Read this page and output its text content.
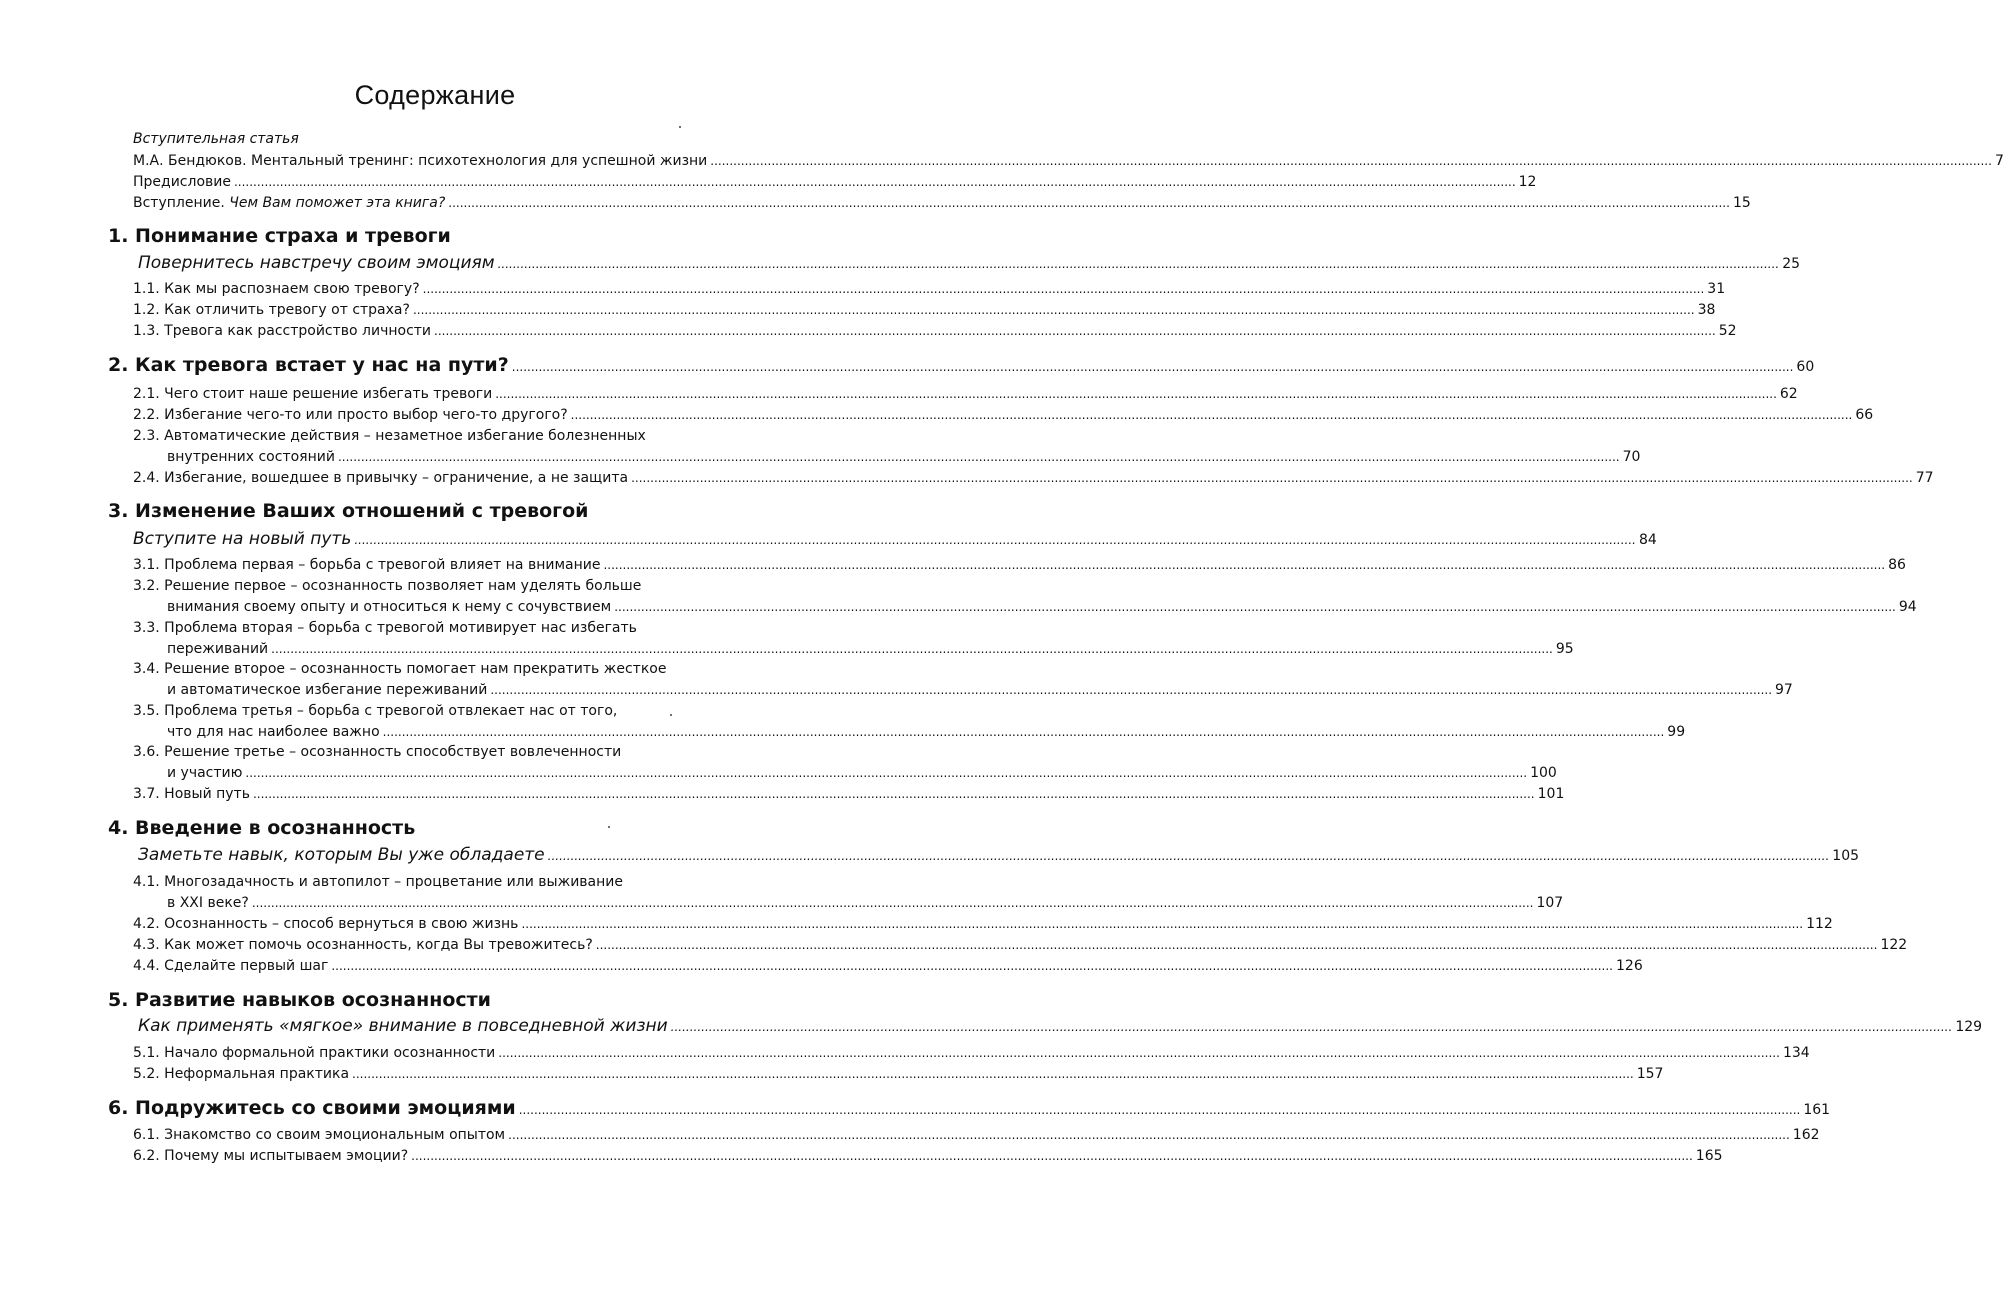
Содержание
Вступительная статья
М.А. Бендюков. Ментальный тренинг: психотехнология для успешной жизни .....	7
Предисловие .....	12
Вступление. Чем Вам поможет эта книга? .....	15
1. Понимание страха и тревоги
Повернитесь навстречу своим эмоциям .....	25
1.1. Как мы распознаем свою тревогу? .....	31
1.2. Как отличить тревогу от страха? .....	38
1.3. Тревога как расстройство личности .....	52
2. Как тревога встает у нас на пути? .....	60
2.1. Чего стоит наше решение избегать тревоги .....	62
2.2. Избегание чего-то или просто выбор чего-то другого? .....	66
2.3. Автоматические действия – незаметное избегание болезненных
внутренних состояний .....	70
2.4. Избегание, вошедшее в привычку – ограничение, а не защита .....	77
3. Изменение Ваших отношений с тревогой
Вступите на новый путь .....	84
3.1. Проблема первая – борьба с тревогой влияет на внимание .....	86
3.2. Решение первое – осознанность позволяет нам уделять больше
внимания своему опыту и относиться к нему с сочувствием .....	94
3.3. Проблема вторая – борьба с тревогой мотивирует нас избегать
переживаний .....	95
3.4. Решение второе – осознанность помогает нам прекратить жесткое
и автоматическое избегание переживаний .....	97
3.5. Проблема третья – борьба с тревогой отвлекает нас от того,
что для нас наиболее важно .....	99
3.6. Решение третье – осознанность способствует вовлеченности
и участию .....	100
3.7. Новый путь .....	101
4. Введение в осознанность
Заметьте навык, которым Вы уже обладаете .....	105
4.1. Многозадачность и автопилот – процветание или выживание
в XXI веке? .....	107
4.2. Осознанность – способ вернуться в свою жизнь .....	112
4.3. Как может помочь осознанность, когда Вы тревожитесь? .....	122
4.4. Сделайте первый шаг .....	126
5. Развитие навыков осознанности
Как применять «мягкое» внимание в повседневной жизни .....	129
5.1. Начало формальной практики осознанности .....	134
5.2. Неформальная практика .....	157
6. Подружитесь со своими эмоциями .....	161
6.1. Знакомство со своим эмоциональным опытом .....	162
6.2. Почему мы испытываем эмоции? .....	165
